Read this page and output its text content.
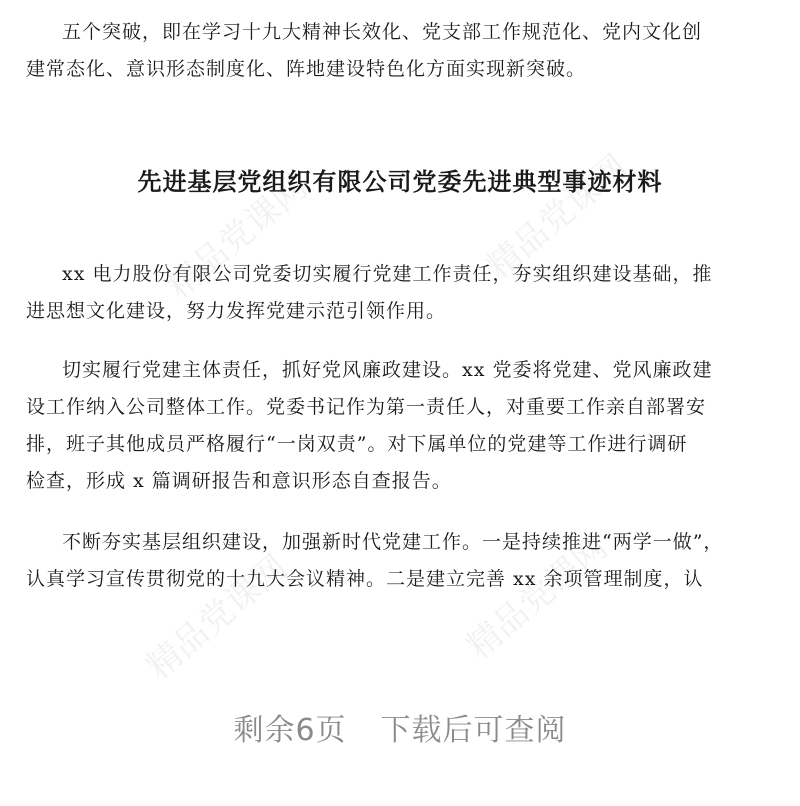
精品党课网	精品党课网
精品党课网	精品党课网
五个突破，即在学习十九大精神长效化、党支部工作规范化、党内文化创
建常态化、意识形态制度化、阵地建设特色化方面实现新突破。
先进基层党组织有限公司党委先进典型事迹材料
xx 电力股份有限公司党委切实履行党建工作责任，夯实组织建设基础，推
进思想文化建设，努力发挥党建示范引领作用。
切实履行党建主体责任，抓好党风廉政建设。xx 党委将党建、党风廉政建
设工作纳入公司整体工作。党委书记作为第一责任人，对重要工作亲自部署安
排，班子其他成员严格履行“一岗双责”。对下属单位的党建等工作进行调研
检查，形成 x 篇调研报告和意识形态自查报告。
不断夯实基层组织建设，加强新时代党建工作。一是持续推进“两学一做”，
认真学习宣传贯彻党的十九大会议精神。二是建立完善 xx 余项管理制度，认
剩余6页 下载后可查阅
